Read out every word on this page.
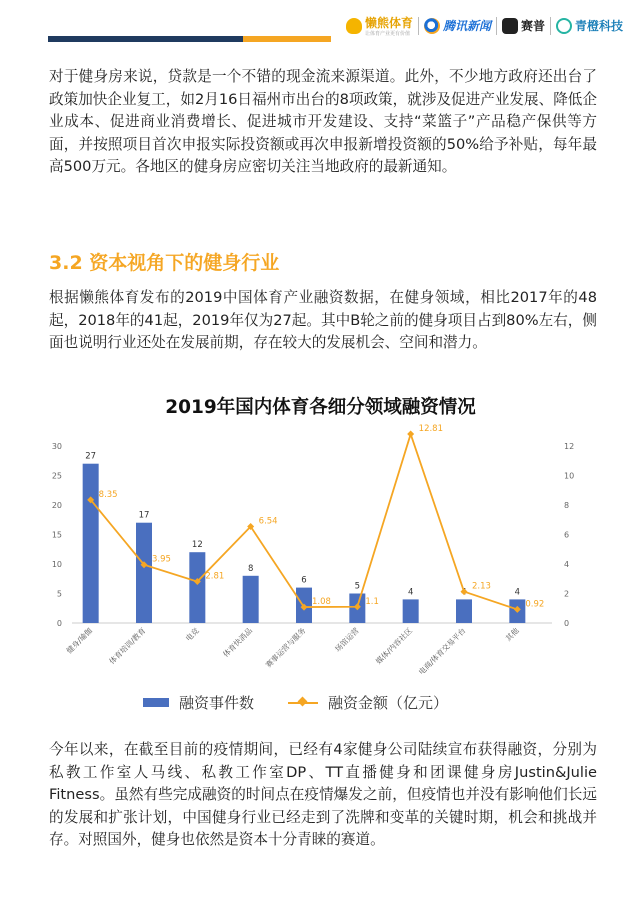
懒熊体育
让体育产业更有价值
腾讯新闻	赛普	青橙科技

对于健身房来说，贷款是一个不错的现金流来源渠道。此外，不少地方政府还出台了政策加快企业复工，如2月16日福州市出台的8项政策，就涉及促进产业发展、降低企业成本、促进商业消费增长、促进城市开发建设、支持“菜篮子”产品稳产保供等方面，并按照项目首次申报实际投资额或再次申报新增投资额的50%给予补贴，每年最高500万元。各地区的健身房应密切关注当地政府的最新通知。

3.2 资本视角下的健身行业

根据懒熊体育发布的2019中国体育产业融资数据，在健身领域，相比2017年的48起，2018年的41起，2019年仅为27起。其中B轮之前的健身项目占到80%左右，侧面也说明行业还处在发展前期，存在较大的发展机会、空间和潜力。

2019年国内体育各细分领域融资情况
0
5
10
15
20
25
30
0
2
4
6
8
10
12
27
17
12
8
6
5
4	4
8.35
3.95
2.81
6.54
1.08	1.1
12.81
2.13
0.92
健身/瑜伽 体育培训/教育	电竞	体育快消品 赛事运营与服务	场馆运营 媒体/内容社区 电商/体育交易平台	其他
融资事件数	融资金额（亿元）

今年以来，在截至目前的疫情期间，已经有4家健身公司陆续宣布获得融资，分别为私教工作室人马线、私教工作室DP、TT直播健身和团课健身房Justin&Julie Fitness。虽然有些完成融资的时间点在疫情爆发之前，但疫情也并没有影响他们长远的发展和扩张计划，中国健身行业已经走到了洗牌和变革的关键时期，机会和挑战并存。对照国外，健身也依然是资本十分青睐的赛道。
